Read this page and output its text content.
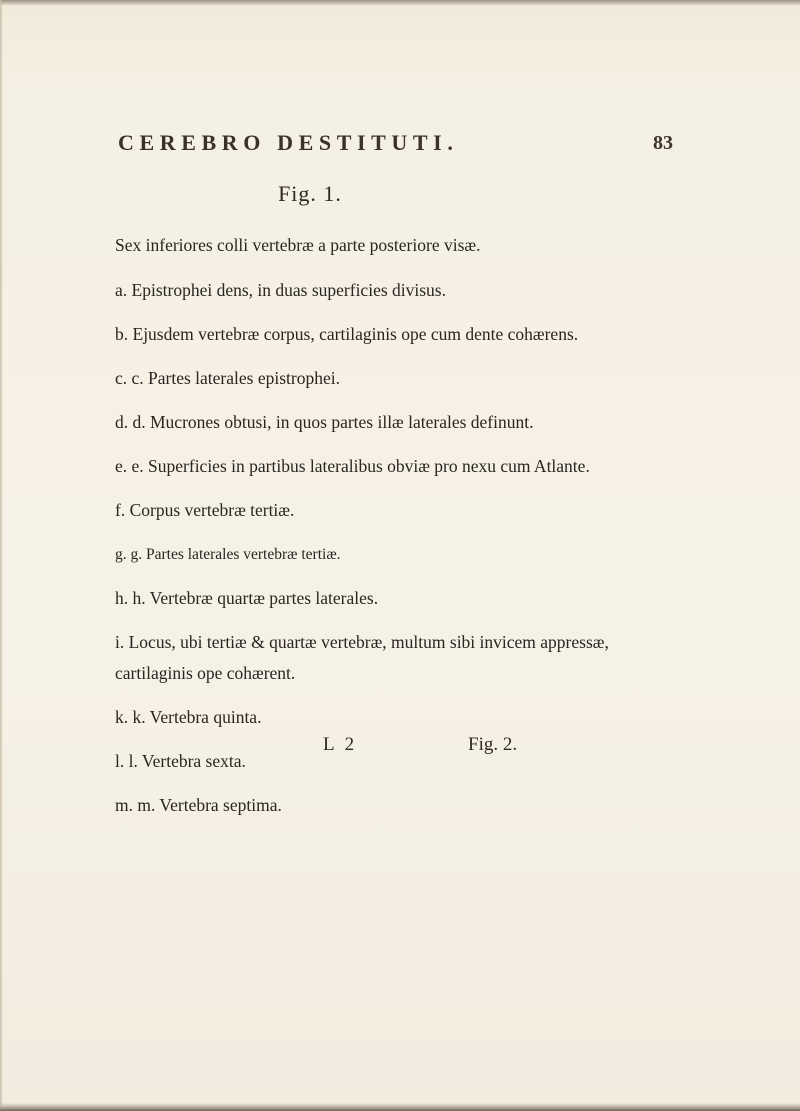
CEREBRO DESTITUTI.	83
Fig. 1.

Sex inferiores colli vertebræ a parte posteriore visæ.

a. Epistrophei dens, in duas superficies divisus.

b. Ejusdem vertebræ corpus, cartilaginis ope cum dente cohærens.

c. c. Partes laterales epistrophei.

d. d. Mucrones obtusi, in quos partes illæ laterales definunt.

e. e. Superficies in partibus lateralibus obviæ pro nexu cum Atlante.

f. Corpus vertebræ tertiæ.

g. g. Partes laterales vertebræ tertiæ.

h. h. Vertebræ quartæ partes laterales.

i. Locus, ubi tertiæ & quartæ vertebræ, multum sibi invicem appressæ, cartilaginis ope cohærent.

k. k. Vertebra quinta.

l. l. Vertebra sexta.

m. m. Vertebra septima.

L 2	Fig. 2.
